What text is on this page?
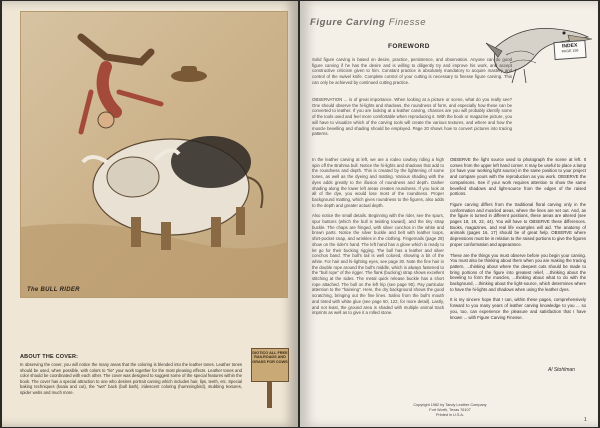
The BULL RIDER
ABOUT THE COVER:

In observing the cover, you will notice the many areas that the coloring is blended into the leather tones. Leather tones should be used, when possible, with colors to "tie" your work together for the most pleasing effects. Leather tones and color should be coordinated with each other. The cover was designed to suggest some of the special features within the book. The cover has a special attraction to one who desires portrait carving which includes hair, lips, teeth, etc. Special baking techniques (koala and cut), the "wet" back (bull bath), iridescent coloring (hummingbird), stubbing textures, spider webs and much more.

DIOTICO ALL FREE RAILROADS AND GRASS FOR COWS
Figure Carving Finesse
INDEX
PAGE 156
FOREWORD

Solid figure carving is based on desire, practice, persistence, and observation. Anyone can do good figure carving if he has the desire and is willing to diligently try and improve his work, and accept constructive criticism given to him. Constant practice is absolutely mandatory to acquire mastery and control of the swivel knife. Complete control of your cutting is necessary to finesse figure carving. This can only be achieved by continued cutting practice.

OBSERVATION ... is of great importance. When looking at a picture or scene, what do you really see? One should observe the hi-lights and shadows, the roundness of form, and especially how these can be converted to leather. If you are looking at a leather carving, chances are you will probably identify some of the tools used and feel more comfortable when reproducing it. With the book or magazine picture, you will have to visualize which of the carving tools will create the various textures, and where and how the muscle bevelling and shading should be employed. Page 20 shows how to convert pictures into tracing patterns.

In the leather carving at left, we are a rodeo cowboy riding a high spin off the Brahma bull. Notice the hi-lights and shadows that add to the roundness and depth. This is created by the lightening of some tones, as well as the dyeing and matting. Various shading with the dyes adds greatly to the illusion of roundness and depth. Darker shading along the lower left areas creates roundness. If you look at all of the dye, you would lose most of the roundness. Proper background matting, which gives roundness to the figures, also adds to the depth and greater actual depth.

Also notice the small details. Beginning with the rider, see the spurs, spur buttons (which the bull is twisting toward), and the tiny strap buckle. The chaps are fringed, with silver conchos in the white and brown parts. Notice the silver buckle and belt with leather loops, shirt-pocket snap, and wrinkles in the clothing. Fingernails (page 28) show on the rider's hand. The left hand has a glove which is ready to let go for their bucking rigging. The bull has a leather and silver conchos band. The bull's tail is well colored, showing a bit of the white. For hair and hi-lighting eyes, see page 30. Note the fine hair in the double rope around the bull's middle, which is always fastened to the "bull rope" of the rigger. The flank (bucking) strap shows excellent stitching at the sides. The metal quick release buckle has a short rope attached. The bull on the left hip (see page 90). Pay particular attention to the "haireing". Here, the dry background shows the good scratching, bringing out the fine lines. Salino from the bull's mouth and tinted with white glue (see page 50, 122, for more detail). Lastly, and not least, the ground area is shaded with multiple animal track imprints as well as to give it a rolled stone.

OBSERVE the light source used to photograph the scene at left. It comes from the upper left hand corner. It may be useful to place a lamp (or have your working light source) in the same position to your project and compare yours with the reproduction as you work. OBSERVE the comparisons. See if your work requires attention to show the same bevelled shadows and light-source from the edges of the raised portions.

Figure carving differs from the traditional floral carving only in the conformation and muscled areas, where the lines are set out. And, as the figure is turned in different positions, these areas are altered (see pages 18, 19, 22, 44). You will have to OBSERVE these differences. Books, magazines, and real life examples will aid. The anatomy of animals (pages 16, 17) should be of great help. OBSERVE where depressions must be in relation to the raised portions to give the figures proper conformation and appearance.

These are the things you must observe before you begin your carving. You must also be thinking about them when you are making the tracing pattern, ...thinking about where the deepest cuts should be made to bring portions of the figure into greatest relief, ...thinking about the beveling to form the muscles, ...thinking about what to do with the background, ...thinking about the light-source, which determines where to have the hi-lights and shadows when using the leather dyes.

It is my sincere hope that I can, within these pages, comprehensively forward to you many years of leather carving knowledge to you ... so you, too, can experience the pleasure and satisfaction that I have known ... with Figure Carving Finesse.

Al Stohlman
Copyright 1982 by Tandy Leather Company
Fort Worth, Texas 76107
Printed in U.S.A.
1
